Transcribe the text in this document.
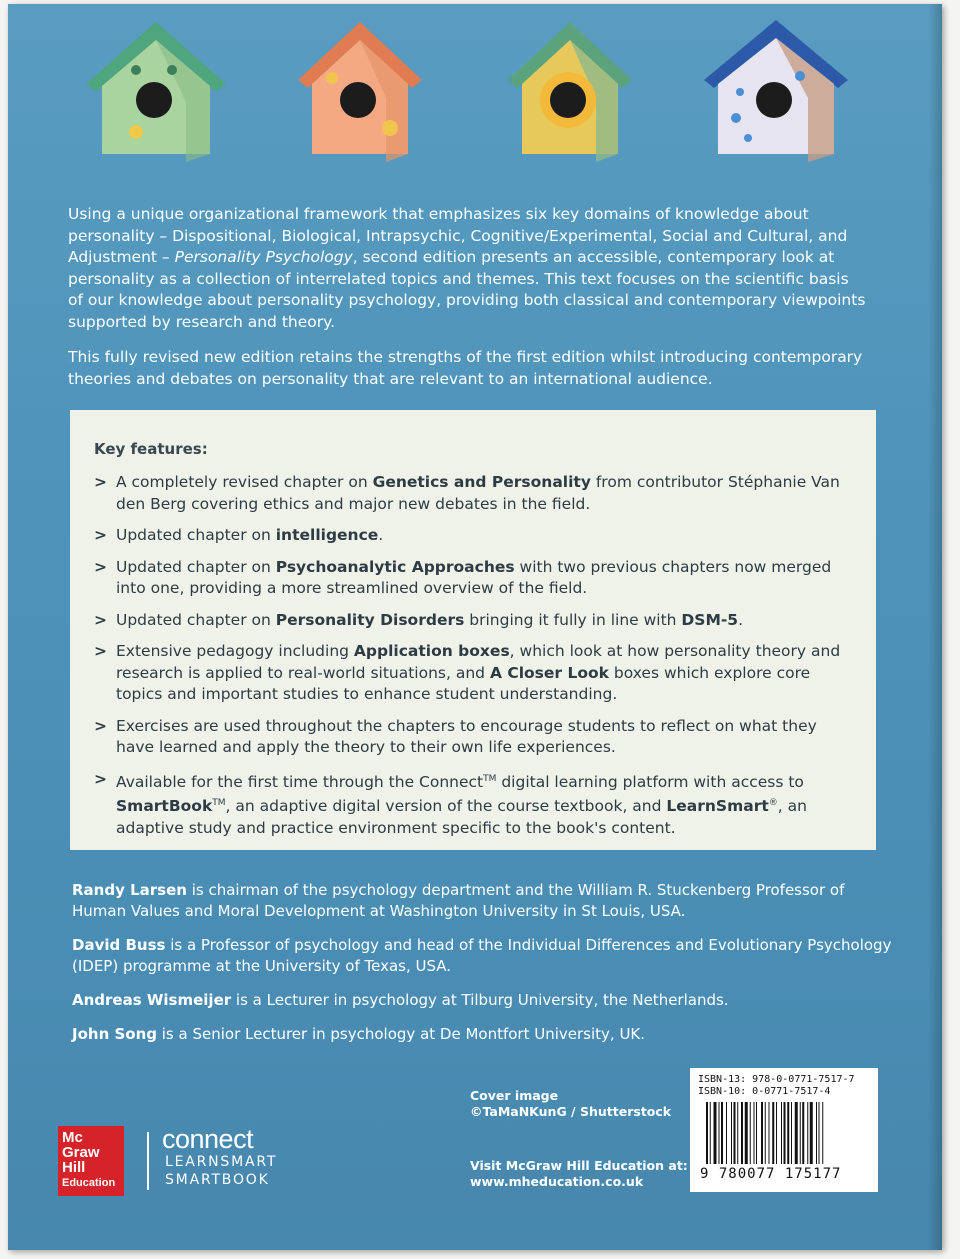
Using a unique organizational framework that emphasizes six key domains of knowledge about personality – Dispositional, Biological, Intrapsychic, Cognitive/Experimental, Social and Cultural, and Adjustment – Personality Psychology, second edition presents an accessible, contemporary look at personality as a collection of interrelated topics and themes. This text focuses on the scientific basis of our knowledge about personality psychology, providing both classical and contemporary viewpoints supported by research and theory.

This fully revised new edition retains the strengths of the first edition whilst introducing contemporary theories and debates on personality that are relevant to an international audience.

Key features:
> A completely revised chapter on Genetics and Personality from contributor Stéphanie Van den Berg covering ethics and major new debates in the field.
> Updated chapter on intelligence.
> Updated chapter on Psychoanalytic Approaches with two previous chapters now merged into one, providing a more streamlined overview of the field.
> Updated chapter on Personality Disorders bringing it fully in line with DSM-5.
> Extensive pedagogy including Application boxes, which look at how personality theory and research is applied to real-world situations, and A Closer Look boxes which explore core topics and important studies to enhance student understanding.
> Exercises are used throughout the chapters to encourage students to reflect on what they have learned and apply the theory to their own life experiences.
> Available for the first time through the Connect™ digital learning platform with access to SmartBook™, an adaptive digital version of the course textbook, and LearnSmart®, an adaptive study and practice environment specific to the book's content.

Randy Larsen is chairman of the psychology department and the William R. Stuckenberg Professor of Human Values and Moral Development at Washington University in St Louis, USA.

David Buss is a Professor of psychology and head of the Individual Differences and Evolutionary Psychology (IDEP) programme at the University of Texas, USA.

Andreas Wismeijer is a Lecturer in psychology at Tilburg University, the Netherlands.

John Song is a Senior Lecturer in psychology at De Montfort University, UK.

Mc
Graw
Hill
Education
connect
LEARNSMART
SMARTBOOK
Cover image
©TaMaNKunG / Shutterstock
Visit McGraw Hill Education at:
www.mheducation.co.uk
ISBN-13: 978-0-0771-7517-7
ISBN-10: 0-0771-7517-4
9 780077 175177
